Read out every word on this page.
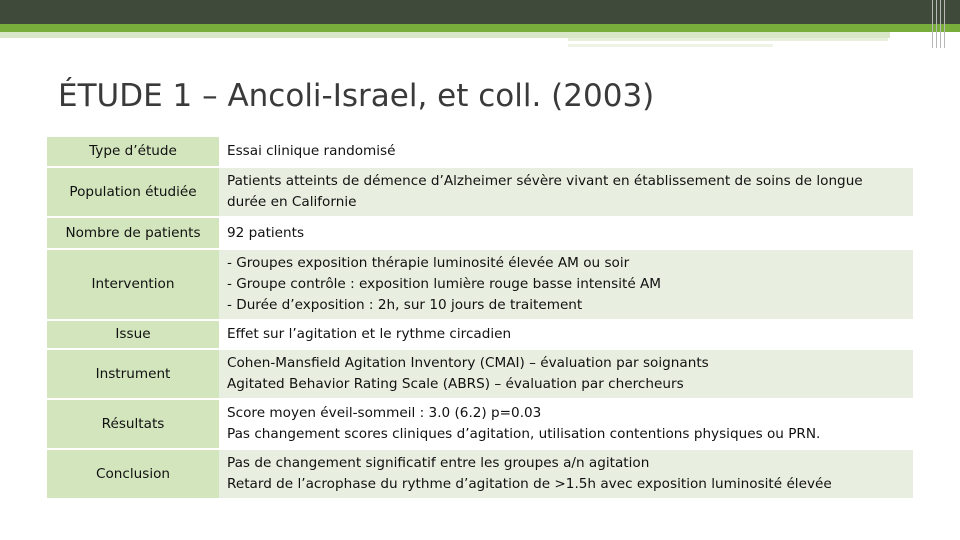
ÉTUDE 1 – Ancoli-Israel, et coll. (2003)
Type d’étude	Essai clinique randomisé

Population étudiée	Patients atteints de démence d’Alzheimer sévère vivant en établissement de soins de longue
durée en Californie

Nombre de patients	92 patients

Intervention	- Groupes exposition thérapie luminosité élevée AM ou soir
- Groupe contrôle : exposition lumière rouge basse intensité AM
- Durée d’exposition : 2h, sur 10 jours de traitement

Issue	Effet sur l’agitation et le rythme circadien

Instrument	Cohen-Mansfield Agitation Inventory (CMAI) – évaluation par soignants
Agitated Behavior Rating Scale (ABRS) – évaluation par chercheurs

Résultats	Score moyen éveil-sommeil : 3.0 (6.2) p=0.03
Pas changement scores cliniques d’agitation, utilisation contentions physiques ou PRN.

Conclusion	Pas de changement significatif entre les groupes a/n agitation
Retard de l’acrophase du rythme d’agitation de >1.5h avec exposition luminosité élevée
